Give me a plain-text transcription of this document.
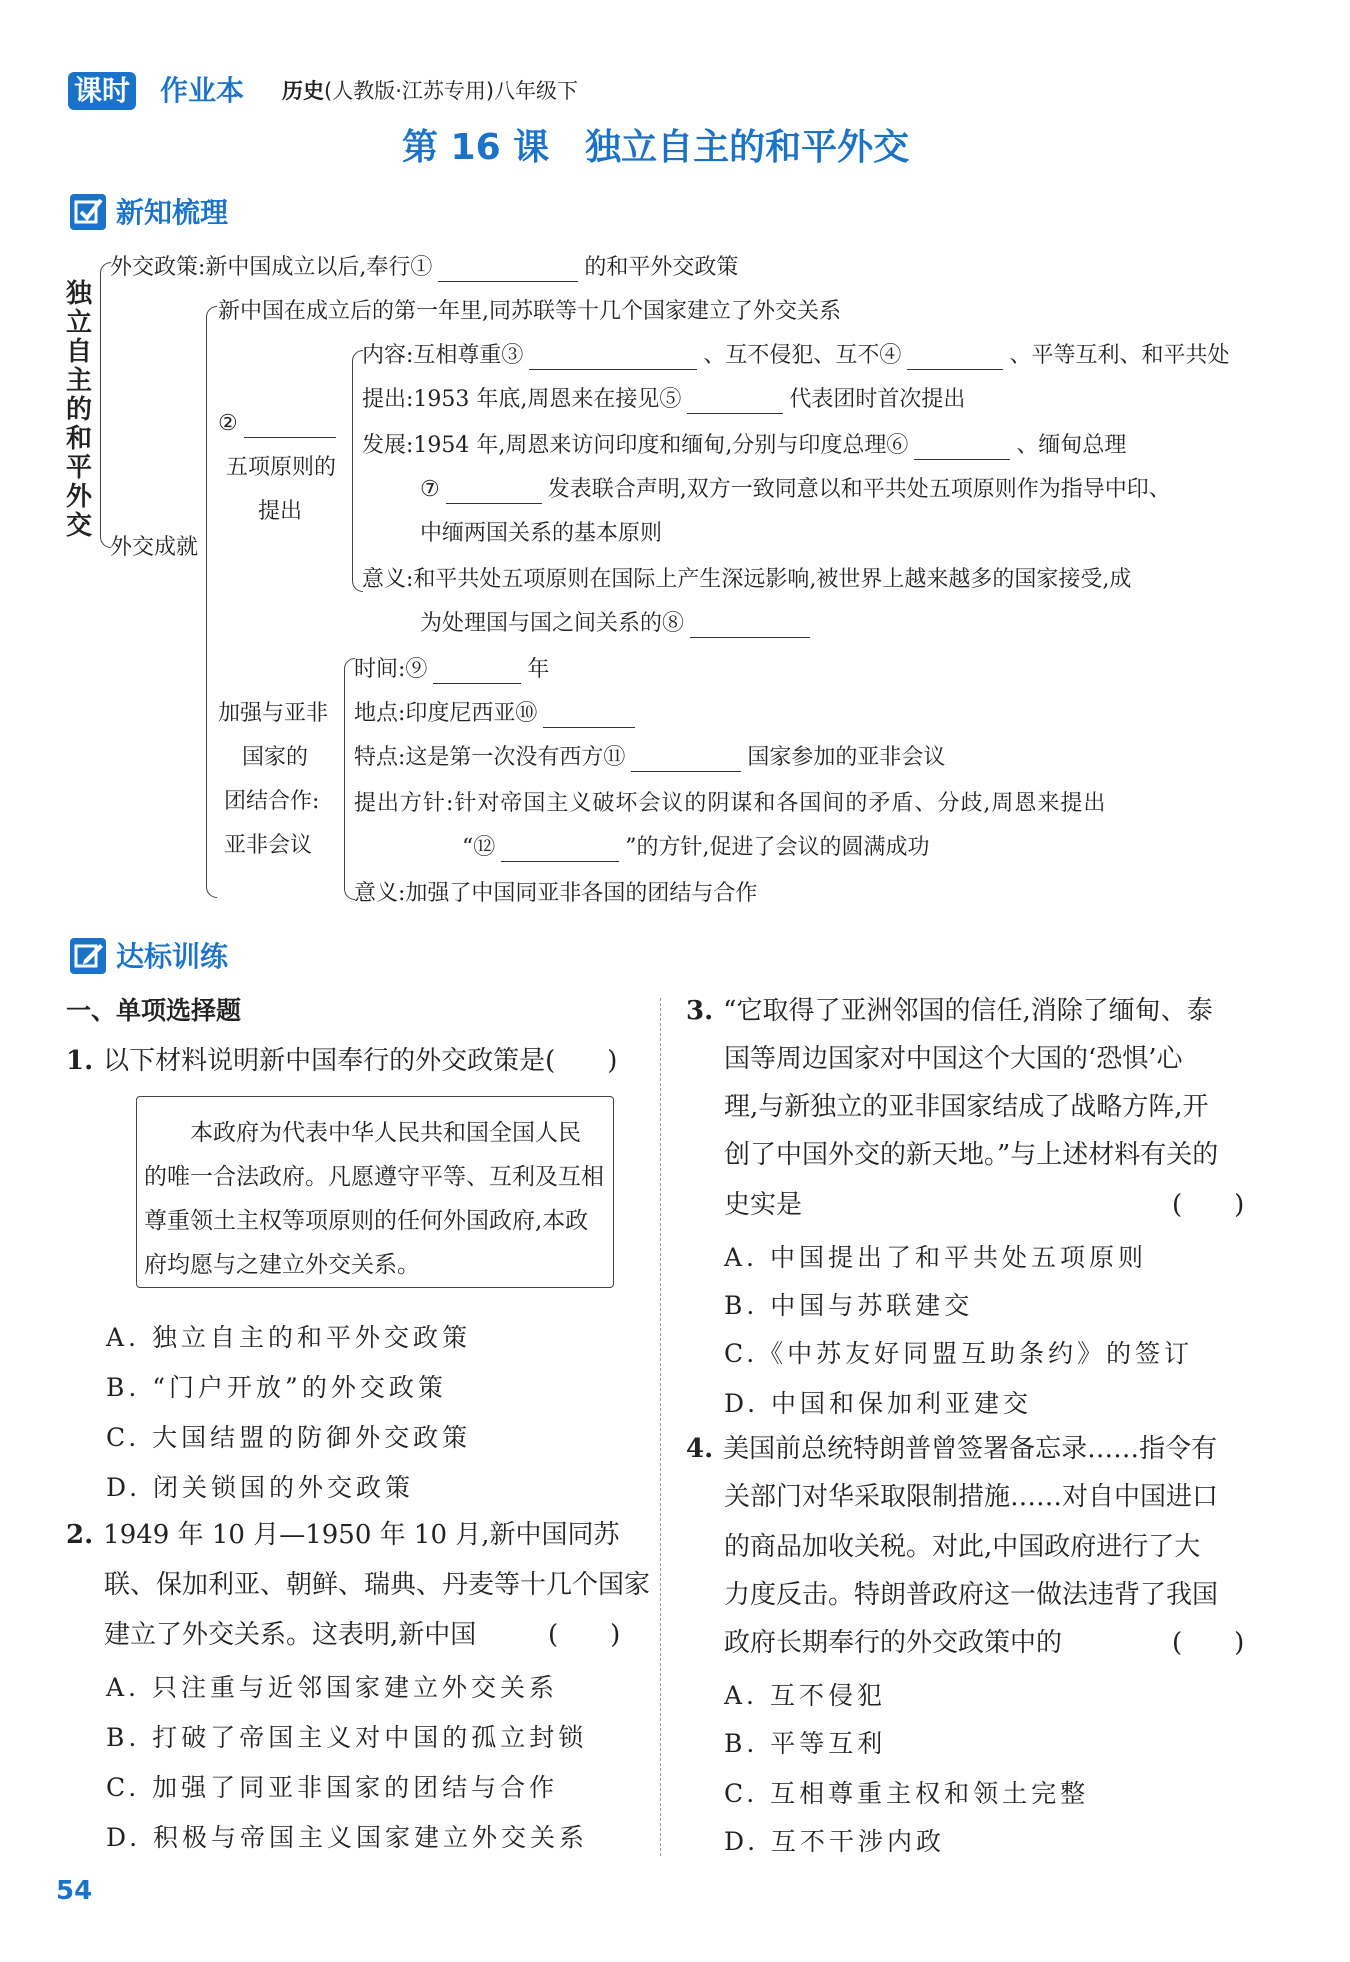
课时 作业本 历史(人教版·江苏专用)八年级下
第 16 课　独立自主的和平外交
新知梳理
独立自主的和平外交
外交政策:新中国成立以后,奉行①	的和平外交政策
外交成就
新中国在成立后的第一年里,同苏联等十几个国家建立了外交关系
②
五项原则的
提出
内容:互相尊重③	、互不侵犯、互不④	、平等互利、和平共处
提出:1953 年底,周恩来在接见⑤	代表团时首次提出
发展:1954 年,周恩来访问印度和缅甸,分别与印度总理⑥	、缅甸总理
⑦	发表联合声明,双方一致同意以和平共处五项原则作为指导中印、
中缅两国关系的基本原则
意义:和平共处五项原则在国际上产生深远影响,被世界上越来越多的国家接受,成
为处理国与国之间关系的⑧
加强与亚非
国家的
团结合作:
亚非会议
时间:⑨	年
地点:印度尼西亚⑩
特点:这是第一次没有西方⑪	国家参加的亚非会议
提出方针:针对帝国主义破坏会议的阴谋和各国间的矛盾、分歧,周恩来提出
“⑫	”的方针,促进了会议的圆满成功
意义:加强了中国同亚非各国的团结与合作
达标训练
一、单项选择题
1. 以下材料说明新中国奉行的外交政策是(　　)
本政府为代表中华人民共和国全国人民
的唯一合法政府。凡愿遵守平等、互利及互相
尊重领土主权等项原则的任何外国政府,本政
府均愿与之建立外交关系。
A. 独立自主的和平外交政策
B. “门户开放”的外交政策
C. 大国结盟的防御外交政策
D. 闭关锁国的外交政策
2. 1949 年 10 月—1950 年 10 月,新中国同苏
联、保加利亚、朝鲜、瑞典、丹麦等十几个国家
建立了外交关系。这表明,新中国	(　　)
A. 只注重与近邻国家建立外交关系
B. 打破了帝国主义对中国的孤立封锁
C. 加强了同亚非国家的团结与合作
D. 积极与帝国主义国家建立外交关系
3. “它取得了亚洲邻国的信任,消除了缅甸、泰
国等周边国家对中国这个大国的‘恐惧’心
理,与新独立的亚非国家结成了战略方阵,开
创了中国外交的新天地。”与上述材料有关的
史实是	(　　)
A. 中国提出了和平共处五项原则
B. 中国与苏联建交
C.《中苏友好同盟互助条约》的签订
D. 中国和保加利亚建交
4. 美国前总统特朗普曾签署备忘录……指令有
关部门对华采取限制措施……对自中国进口
的商品加收关税。对此,中国政府进行了大
力度反击。特朗普政府这一做法违背了我国
政府长期奉行的外交政策中的	(　　)
A. 互不侵犯
B. 平等互利
C. 互相尊重主权和领土完整
D. 互不干涉内政
54
